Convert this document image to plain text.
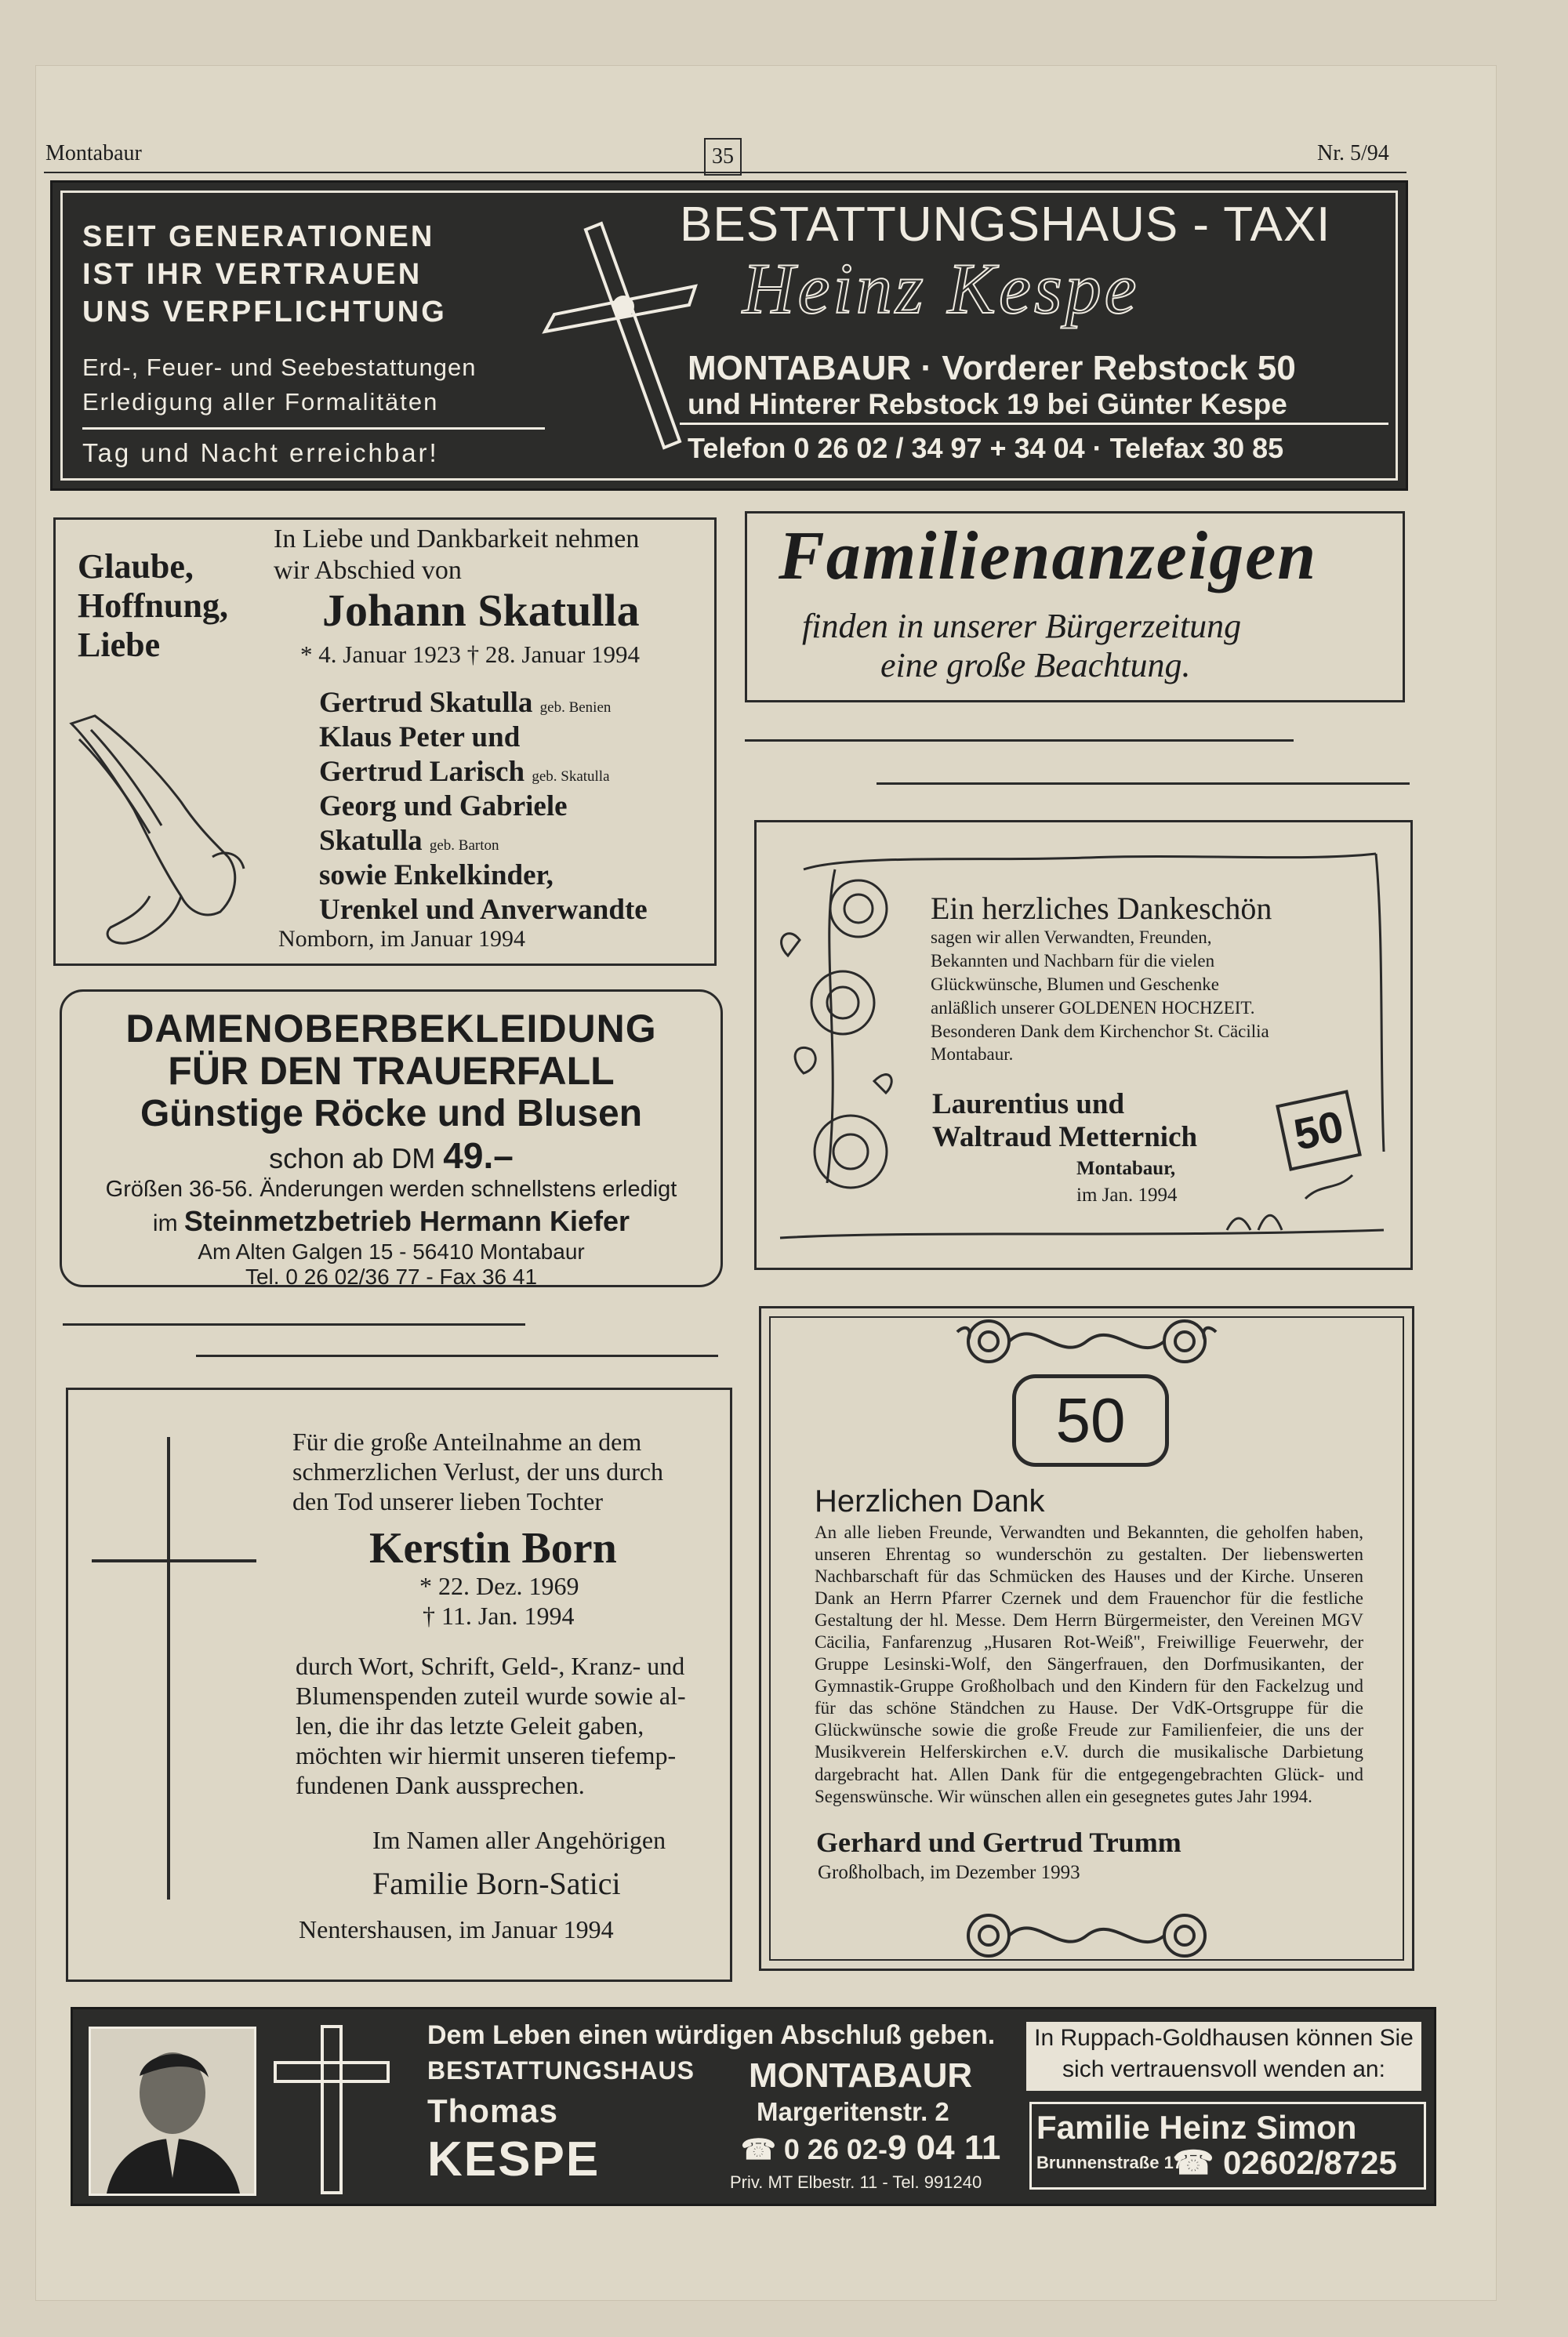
Montabaur	35	Nr. 5/94
SEIT GENERATIONEN
IST IHR VERTRAUEN
UNS VERPFLICHTUNG
Erd-, Feuer- und Seebestattungen
Erledigung aller Formalitäten
Tag und Nacht erreichbar!
BESTATTUNGSHAUS - TAXI
Heinz Kespe
MONTABAUR · Vorderer Rebstock 50
und Hinterer Rebstock 19 bei Günter Kespe
Telefon 0 26 02 / 34 97 + 34 04 · Telefax 30 85
Glaube,
Hoffnung,
Liebe
In Liebe und Dankbarkeit nehmen
wir Abschied von
Johann Skatulla
* 4. Januar 1923 † 28. Januar 1994
Gertrud Skatulla geb. Benien
Klaus Peter und
Gertrud Larisch geb. Skatulla
Georg und Gabriele
Skatulla geb. Barton
sowie Enkelkinder,
Urenkel und Anverwandte
Nomborn, im Januar 1994
Familienanzeigen
finden in unserer Bürgerzeitung
eine große Beachtung.
DAMENOBERBEKLEIDUNG
FÜR DEN TRAUERFALL
Günstige Röcke und Blusen
schon ab DM 49.–
Größen 36-56. Änderungen werden schnellstens erledigt
im Steinmetzbetrieb Hermann Kiefer
Am Alten Galgen 15 - 56410 Montabaur
Tel. 0 26 02/36 77 - Fax 36 41
Ein herzliches Dankeschön
sagen wir allen Verwandten, Freunden, Bekannten und Nachbarn für die vielen Glückwünsche, Blumen und Geschenke anläßlich unserer GOLDENEN HOCHZEIT. Besonderen Dank dem Kirchenchor St. Cäcilia Montabaur.
Laurentius und
Waltraud Metternich
Montabaur,
im Jan. 1994
50
Für die große Anteilnahme an dem
schmerzlichen Verlust, der uns durch
den Tod unserer lieben Tochter
Kerstin Born
* 22. Dez. 1969
† 11. Jan. 1994
durch Wort, Schrift, Geld-, Kranz- und
Blumenspenden zuteil wurde sowie al-
len, die ihr das letzte Geleit gaben,
möchten wir hiermit unseren tiefemp-
fundenen Dank aussprechen.
Im Namen aller Angehörigen
Familie Born-Satici
Nentershausen, im Januar 1994
50
Herzlichen Dank
An alle lieben Freunde, Verwandten und Bekannten, die geholfen haben, unseren Ehrentag so wunderschön zu gestalten. Der liebenswerten Nachbarschaft für das Schmücken des Hauses und der Kirche. Unseren Dank an Herrn Pfarrer Czernek und dem Frauenchor für die festliche Gestaltung der hl. Messe. Dem Herrn Bürgermeister, den Vereinen MGV Cäcilia, Fanfarenzug „Husaren Rot-Weiß", Freiwillige Feuerwehr, der Gruppe Lesinski-Wolf, den Sängerfrauen, den Dorfmusikanten, der Gymnastik-Gruppe Großholbach und den Kindern für den Fackelzug und für das schöne Ständchen zu Hause. Der VdK-Ortsgruppe für die Glückwünsche sowie die große Freude zur Familienfeier, die uns der Musikverein Helferskirchen e.V. durch die musikalische Darbietung dargebracht hat. Allen Dank für die entgegengebrachten Glück- und Segenswünsche. Wir wünschen allen ein gesegnetes gutes Jahr 1994.
Gerhard und Gertrud Trumm
Großholbach, im Dezember 1993
Dem Leben einen würdigen Abschluß geben.
BESTATTUNGSHAUS
Thomas
KESPE
MONTABAUR
Margeritenstr. 2
☎ 0 26 02-9 04 11
Priv. MT Elbestr. 11 - Tel. 991240
In Ruppach-Goldhausen können Sie
sich vertrauensvoll wenden an:
Familie Heinz Simon
Brunnenstraße 17
☎ 02602/8725
